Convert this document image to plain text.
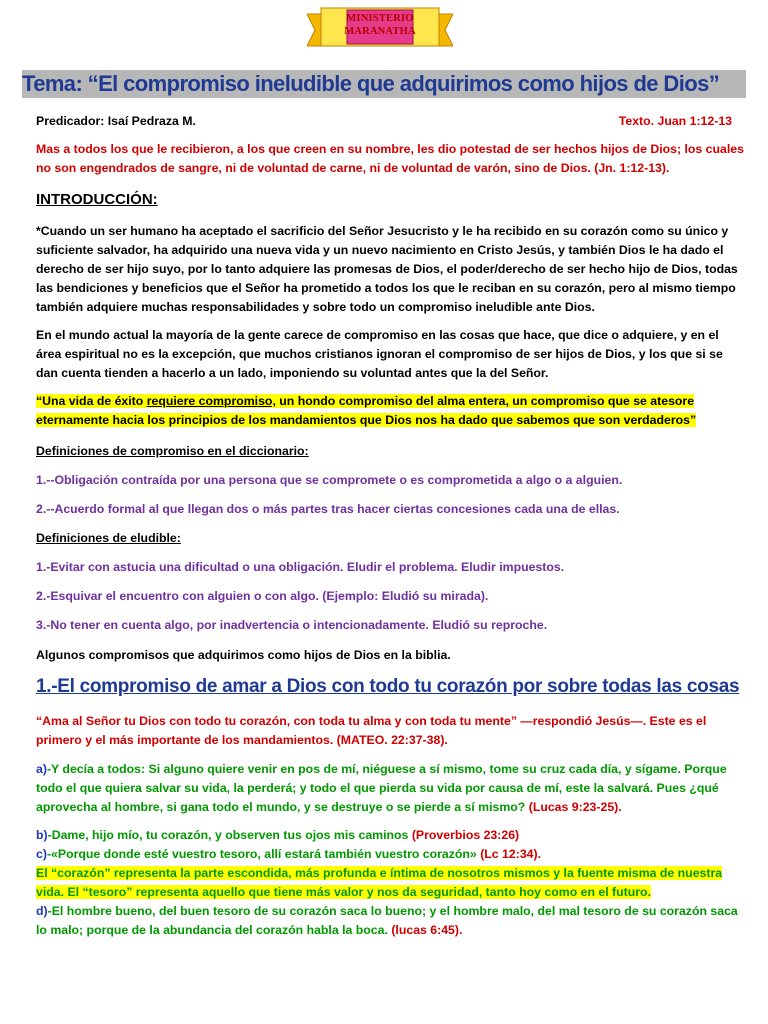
MINISTERIO
MARANATHA
Tema: “El compromiso ineludible que adquirimos como hijos de Dios”
Predicador: Isaí Pedraza M.	Texto. Juan 1:12-13

Mas a todos los que le recibieron, a los que creen en su nombre, les dio potestad de ser hechos hijos de Dios; los cuales no son engendrados de sangre, ni de voluntad de carne, ni de voluntad de varón, sino de Dios. (Jn. 1:12-13).

INTRODUCCIÓN:

*Cuando un ser humano ha aceptado el sacrificio del Señor Jesucristo y le ha recibido en su corazón como su único y suficiente salvador, ha adquirido una nueva vida y un nuevo nacimiento en Cristo Jesús, y también Dios le ha dado el derecho de ser hijo suyo, por lo tanto adquiere las promesas de Dios, el poder/derecho de ser hecho hijo de Dios, todas las bendiciones y beneficios que el Señor ha prometido a todos los que le reciban en su corazón, pero al mismo tiempo también adquiere muchas responsabilidades y sobre todo un compromiso ineludible ante Dios.

En el mundo actual la mayoría de la gente carece de compromiso en las cosas que hace, que dice o adquiere, y en el área espiritual no es la excepción, que muchos cristianos ignoran el compromiso de ser hijos de Dios, y los que si se dan cuenta tienden a hacerlo a un lado, imponiendo su voluntad antes que la del Señor.

“Una vida de éxito requiere compromiso, un hondo compromiso del alma entera, un compromiso que se atesore eternamente hacia los principios de los mandamientos que Dios nos ha dado que sabemos que son verdaderos”

Definiciones de compromiso en el diccionario:
1.--Obligación contraída por una persona que se compromete o es comprometida a algo o a alguien.
2.--Acuerdo formal al que llegan dos o más partes tras hacer ciertas concesiones cada una de ellas.
Definiciones de eludible:
1.-Evitar con astucia una dificultad o una obligación. Eludir el problema. Eludir impuestos.
2.-Esquivar el encuentro con alguien o con algo. (Ejemplo: Eludió su mirada).
3.-No tener en cuenta algo, por inadvertencia o intencionadamente. Eludió su reproche.
Algunos compromisos que adquirimos como hijos de Dios en la biblia.
1.-El compromiso de amar a Dios con todo tu corazón por sobre todas las cosas

“Ama al Señor tu Dios con todo tu corazón, con toda tu alma y con toda tu mente” —respondió Jesús—. Este es el primero y el más importante de los mandamientos. (MATEO. 22:37-38).

a)-Y decía a todos: Si alguno quiere venir en pos de mí, niéguese a sí mismo, tome su cruz cada día, y sígame. Porque todo el que quiera salvar su vida, la perderá; y todo el que pierda su vida por causa de mí, este la salvará. Pues ¿qué aprovecha al hombre, si gana todo el mundo, y se destruye o se pierde a sí mismo? (Lucas 9:23-25).

b)-Dame, hijo mío, tu corazón, y observen tus ojos mis caminos (Proverbios 23:26)
c)-«Porque donde esté vuestro tesoro, allí estará también vuestro corazón» (Lc 12:34).
El “corazón” representa la parte escondida, más profunda e íntima de nosotros mismos y la fuente misma de nuestra vida. El “tesoro” representa aquello que tiene más valor y nos da seguridad, tanto hoy como en el futuro.
d)-El hombre bueno, del buen tesoro de su corazón saca lo bueno; y el hombre malo, del mal tesoro de su corazón saca lo malo; porque de la abundancia del corazón habla la boca. (lucas 6:45).
